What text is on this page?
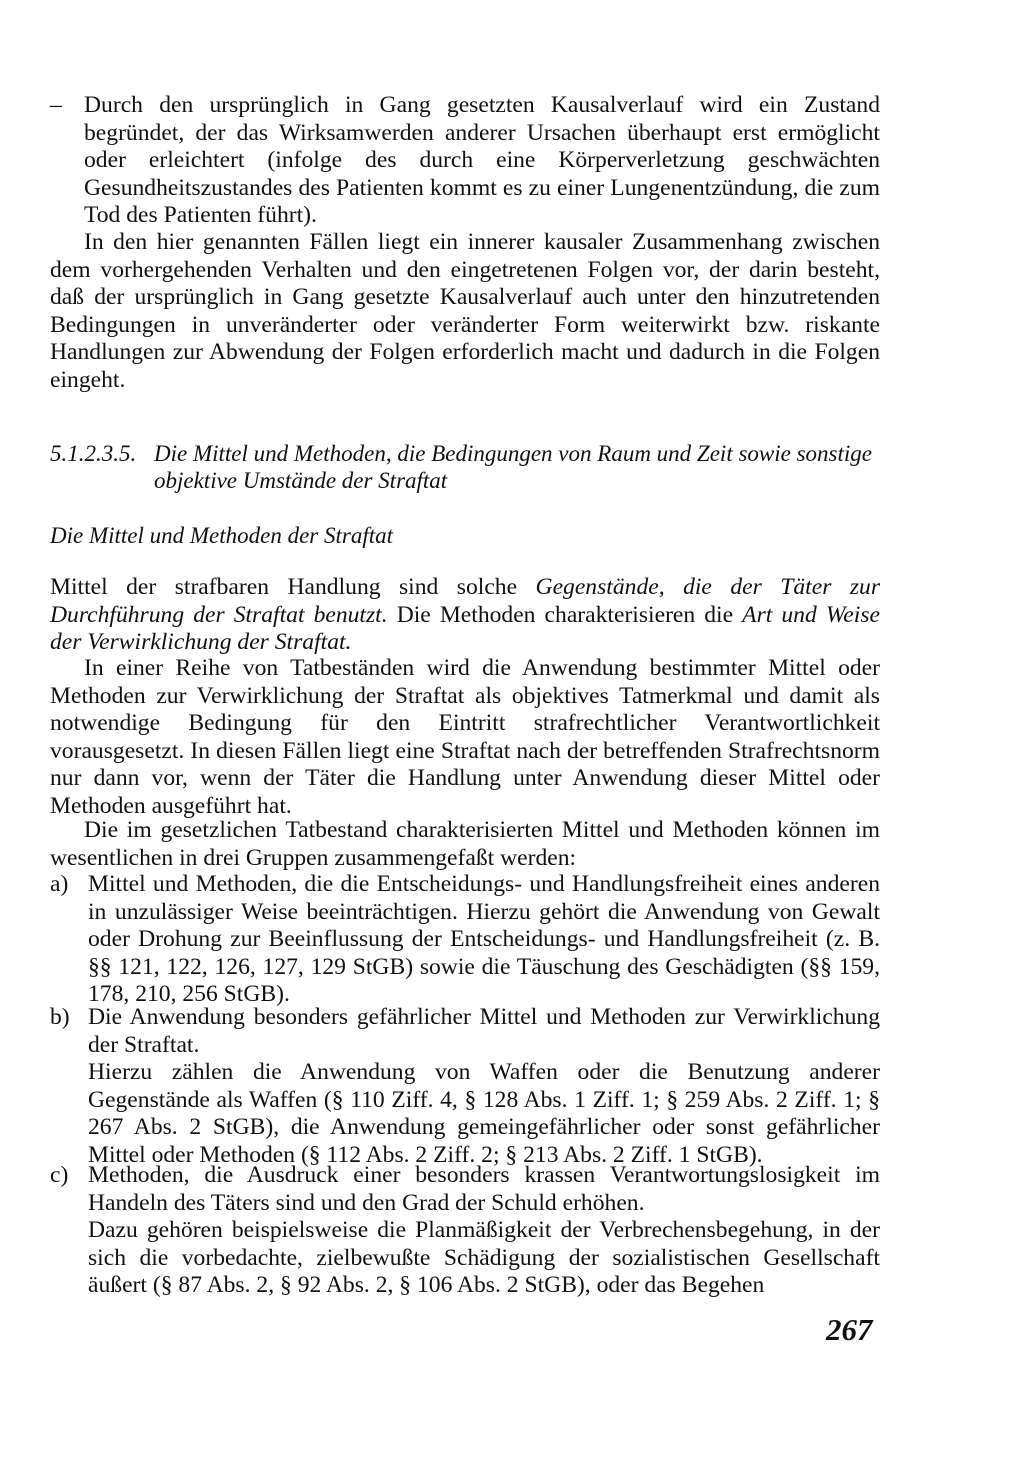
– Durch den ursprünglich in Gang gesetzten Kausalverlauf wird ein Zustand begründet, der das Wirksamwerden anderer Ursachen überhaupt erst ermöglicht oder erleichtert (infolge des durch eine Körperverletzung geschwächten Gesundheitszustandes des Patienten kommt es zu einer Lungenentzündung, die zum Tod des Patienten führt).

In den hier genannten Fällen liegt ein innerer kausaler Zusammenhang zwischen dem vorhergehenden Verhalten und den eingetretenen Folgen vor, der darin besteht, daß der ursprünglich in Gang gesetzte Kausalverlauf auch unter den hinzutretenden Bedingungen in unveränderter oder veränderter Form weiterwirkt bzw. riskante Handlungen zur Abwendung der Folgen erforderlich macht und dadurch in die Folgen eingeht.

5.1.2.3.5. Die Mittel und Methoden, die Bedingungen von Raum und Zeit sowie sonstige objektive Umstände der Straftat
Die Mittel und Methoden der Straftat

Mittel der strafbaren Handlung sind solche Gegenstände, die der Täter zur Durchführung der Straftat benutzt. Die Methoden charakterisieren die Art und Weise der Verwirklichung der Straftat.

In einer Reihe von Tatbeständen wird die Anwendung bestimmter Mittel oder Methoden zur Verwirklichung der Straftat als objektives Tatmerkmal und damit als notwendige Bedingung für den Eintritt strafrechtlicher Verantwortlichkeit vorausgesetzt. In diesen Fällen liegt eine Straftat nach der betreffenden Strafrechtsnorm nur dann vor, wenn der Täter die Handlung unter Anwendung dieser Mittel oder Methoden ausgeführt hat.

Die im gesetzlichen Tatbestand charakterisierten Mittel und Methoden können im wesentlichen in drei Gruppen zusammengefaßt werden:

a) Mittel und Methoden, die die Entscheidungs- und Handlungsfreiheit eines anderen in unzulässiger Weise beeinträchtigen. Hierzu gehört die Anwendung von Gewalt oder Drohung zur Beeinflussung der Entscheidungs- und Handlungsfreiheit (z. B. §§ 121, 122, 126, 127, 129 StGB) sowie die Täuschung des Geschädigten (§§ 159, 178, 210, 256 StGB).

b) Die Anwendung besonders gefährlicher Mittel und Methoden zur Verwirklichung der Straftat.

Hierzu zählen die Anwendung von Waffen oder die Benutzung anderer Gegenstände als Waffen (§ 110 Ziff. 4, § 128 Abs. 1 Ziff. 1; § 259 Abs. 2 Ziff. 1; § 267 Abs. 2 StGB), die Anwendung gemeingefährlicher oder sonst gefährlicher Mittel oder Methoden (§ 112 Abs. 2 Ziff. 2; § 213 Abs. 2 Ziff. 1 StGB).

c) Methoden, die Ausdruck einer besonders krassen Verantwortungslosigkeit im Handeln des Täters sind und den Grad der Schuld erhöhen.

Dazu gehören beispielsweise die Planmäßigkeit der Verbrechensbegehung, in der sich die vorbedachte, zielbewußte Schädigung der sozialistischen Gesellschaft äußert (§ 87 Abs. 2, § 92 Abs. 2, § 106 Abs. 2 StGB), oder das Begehen

267
